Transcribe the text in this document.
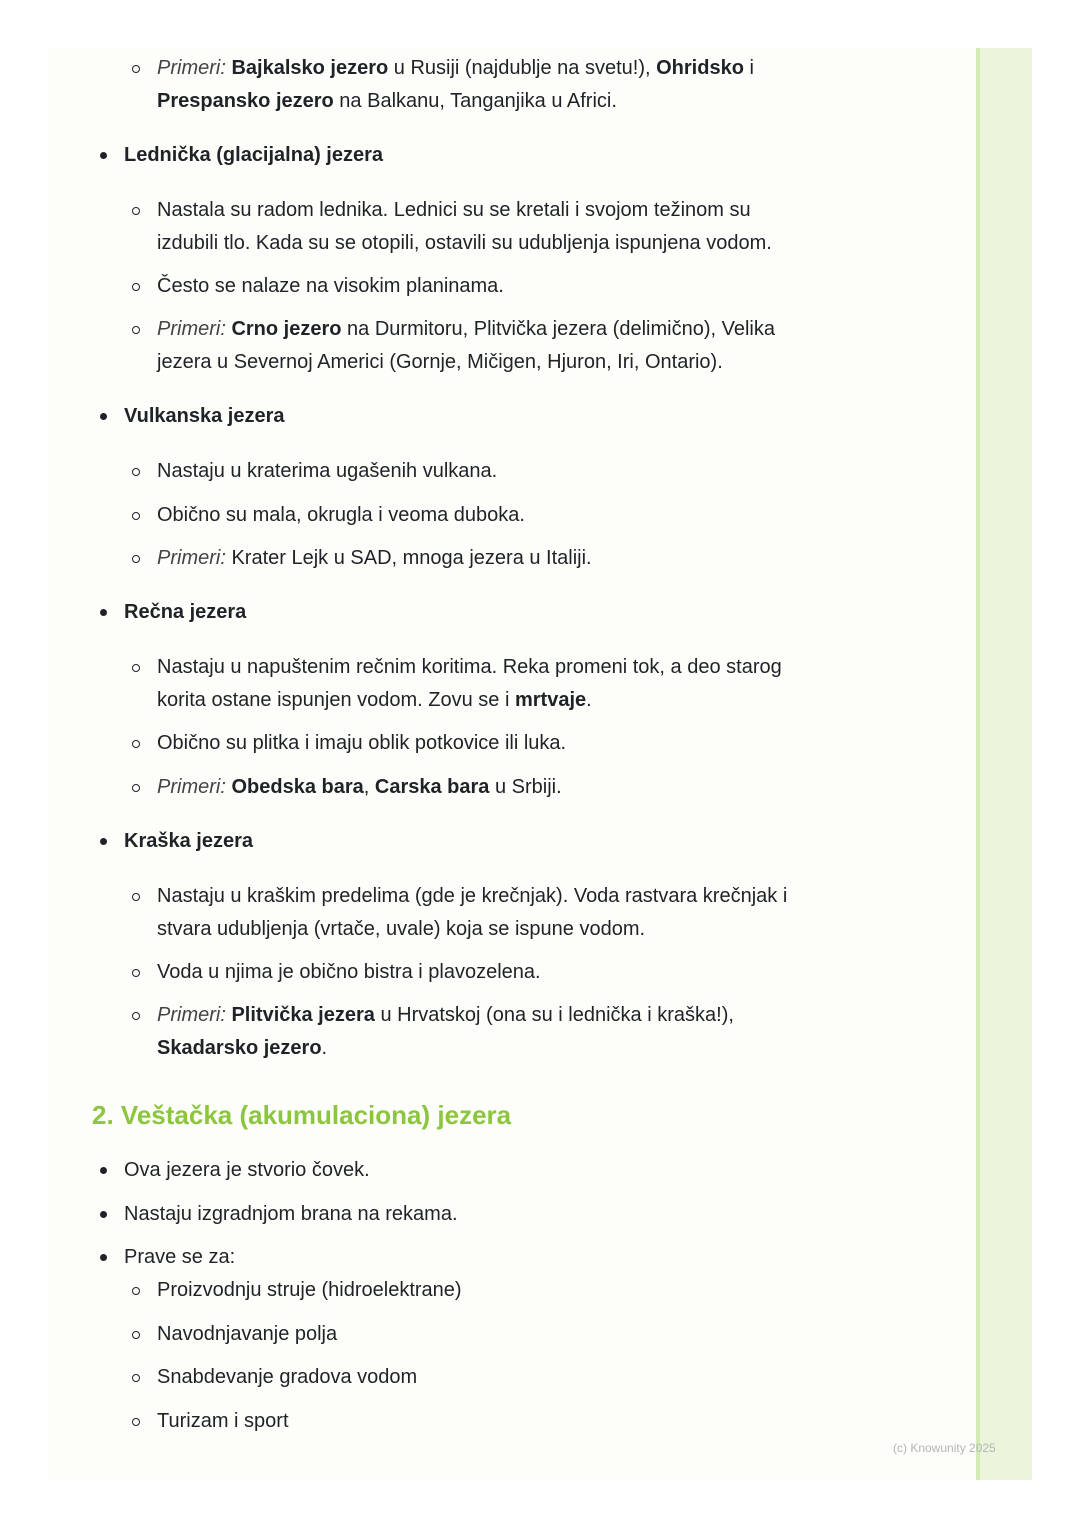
Primeri: Bajkalsko jezero u Rusiji (najdublje na svetu!), Ohridsko i
Prespansko jezero na Balkanu, Tanganjika u Africi.
Lednička (glacijalna) jezera
Nastala su radom lednika. Lednici su se kretali i svojom težinom su
izdubili tlo. Kada su se otopili, ostavili su udubljenja ispunjena vodom.
Često se nalaze na visokim planinama.
Primeri: Crno jezero na Durmitoru, Plitvička jezera (delimično), Velika
jezera u Severnoj Americi (Gornje, Mičigen, Hjuron, Iri, Ontario).
Vulkanska jezera
Nastaju u kraterima ugašenih vulkana.
Obično su mala, okrugla i veoma duboka.
Primeri: Krater Lejk u SAD, mnoga jezera u Italiji.
Rečna jezera
Nastaju u napuštenim rečnim koritima. Reka promeni tok, a deo starog
korita ostane ispunjen vodom. Zovu se i mrtvaje.
Obično su plitka i imaju oblik potkovice ili luka.
Primeri: Obedska bara, Carska bara u Srbiji.
Kraška jezera
Nastaju u kraškim predelima (gde je krečnjak). Voda rastvara krečnjak i
stvara udubljenja (vrtače, uvale) koja se ispune vodom.
Voda u njima je obično bistra i plavozelena.
Primeri: Plitvička jezera u Hrvatskoj (ona su i lednička i kraška!),
Skadarsko jezero.
2. Veštačka (akumulaciona) jezera
Ova jezera je stvorio čovek.
Nastaju izgradnjom brana na rekama.
Prave se za:
Proizvodnju struje (hidroelektrane)
Navodnjavanje polja
Snabdevanje gradova vodom
Turizam i sport
(c) Knowunity 2025
